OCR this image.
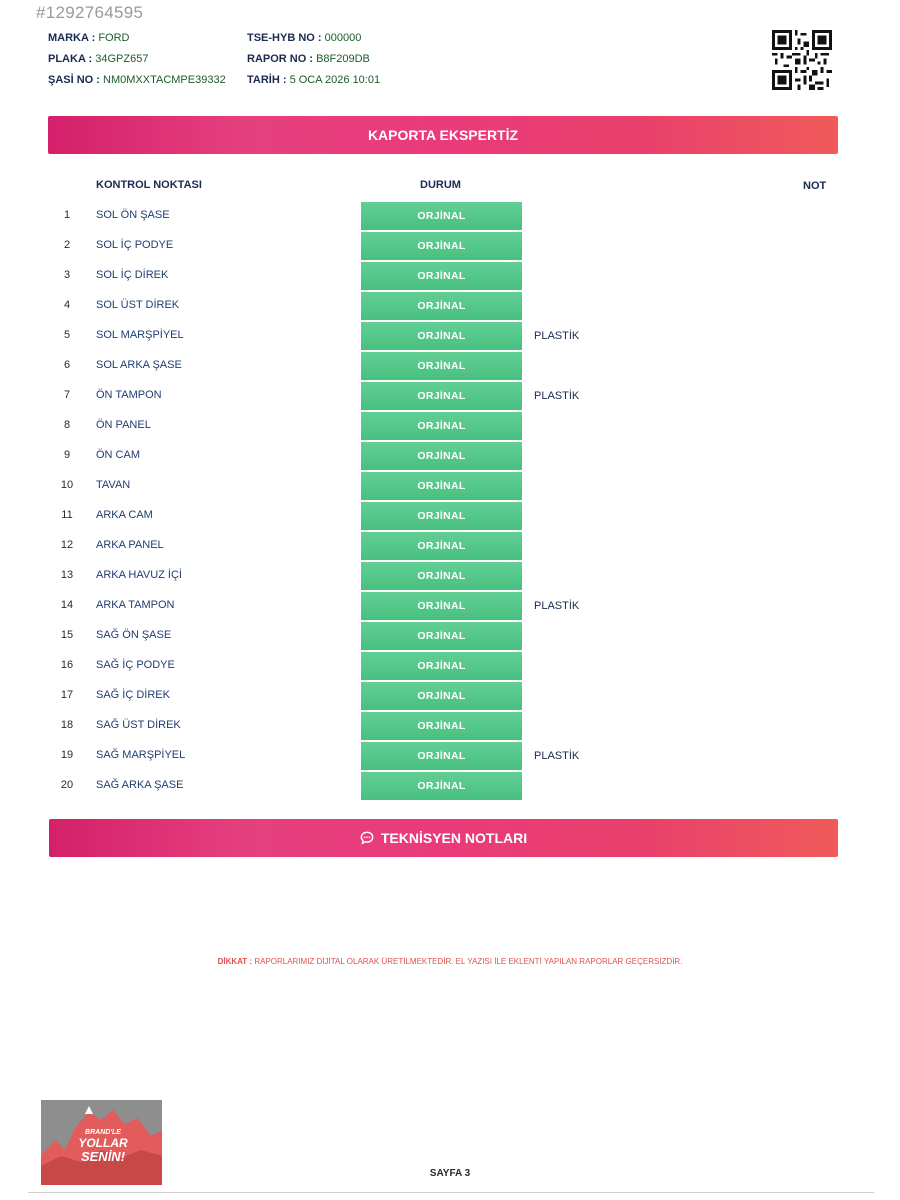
#1292764595
MARKA : FORD
PLAKA : 34GPZ657
ŞASİ NO : NM0MXXTACMPE39332
TSE-HYB NO : 000000
RAPOR NO : B8F209DB
TARİH : 5 OCA 2026 10:01
KAPORTA EKSPERTİZ
KONTROL NOKTASI	DURUM	NOT
1	SOL ÖN ŞASE	ORJİNAL
2	SOL İÇ PODYE	ORJİNAL
3	SOL İÇ DİREK	ORJİNAL
4	SOL ÜST DİREK	ORJİNAL
5	SOL MARŞPİYEL	ORJİNAL	PLASTİK
6	SOL ARKA ŞASE	ORJİNAL
7	ÖN TAMPON	ORJİNAL	PLASTİK
8	ÖN PANEL	ORJİNAL
9	ÖN CAM	ORJİNAL
10	TAVAN	ORJİNAL
11	ARKA CAM	ORJİNAL
12	ARKA PANEL	ORJİNAL
13	ARKA HAVUZ İÇİ	ORJİNAL
14	ARKA TAMPON	ORJİNAL	PLASTİK
15	SAĞ ÖN ŞASE	ORJİNAL
16	SAĞ İÇ PODYE	ORJİNAL
17	SAĞ İÇ DİREK	ORJİNAL
18	SAĞ ÜST DİREK	ORJİNAL
19	SAĞ MARŞPİYEL	ORJİNAL	PLASTİK
20	SAĞ ARKA ŞASE	ORJİNAL
TEKNİSYEN NOTLARI
DİKKAT : RAPORLARIMIZ DİJİTAL OLARAK ÜRETİLMEKTEDİR. EL YAZISI İLE EKLENTİ YAPILAN RAPORLAR GEÇERSİZDİR.
BRAND'LE
YOLLAR
SENİN!
SAYFA 3
